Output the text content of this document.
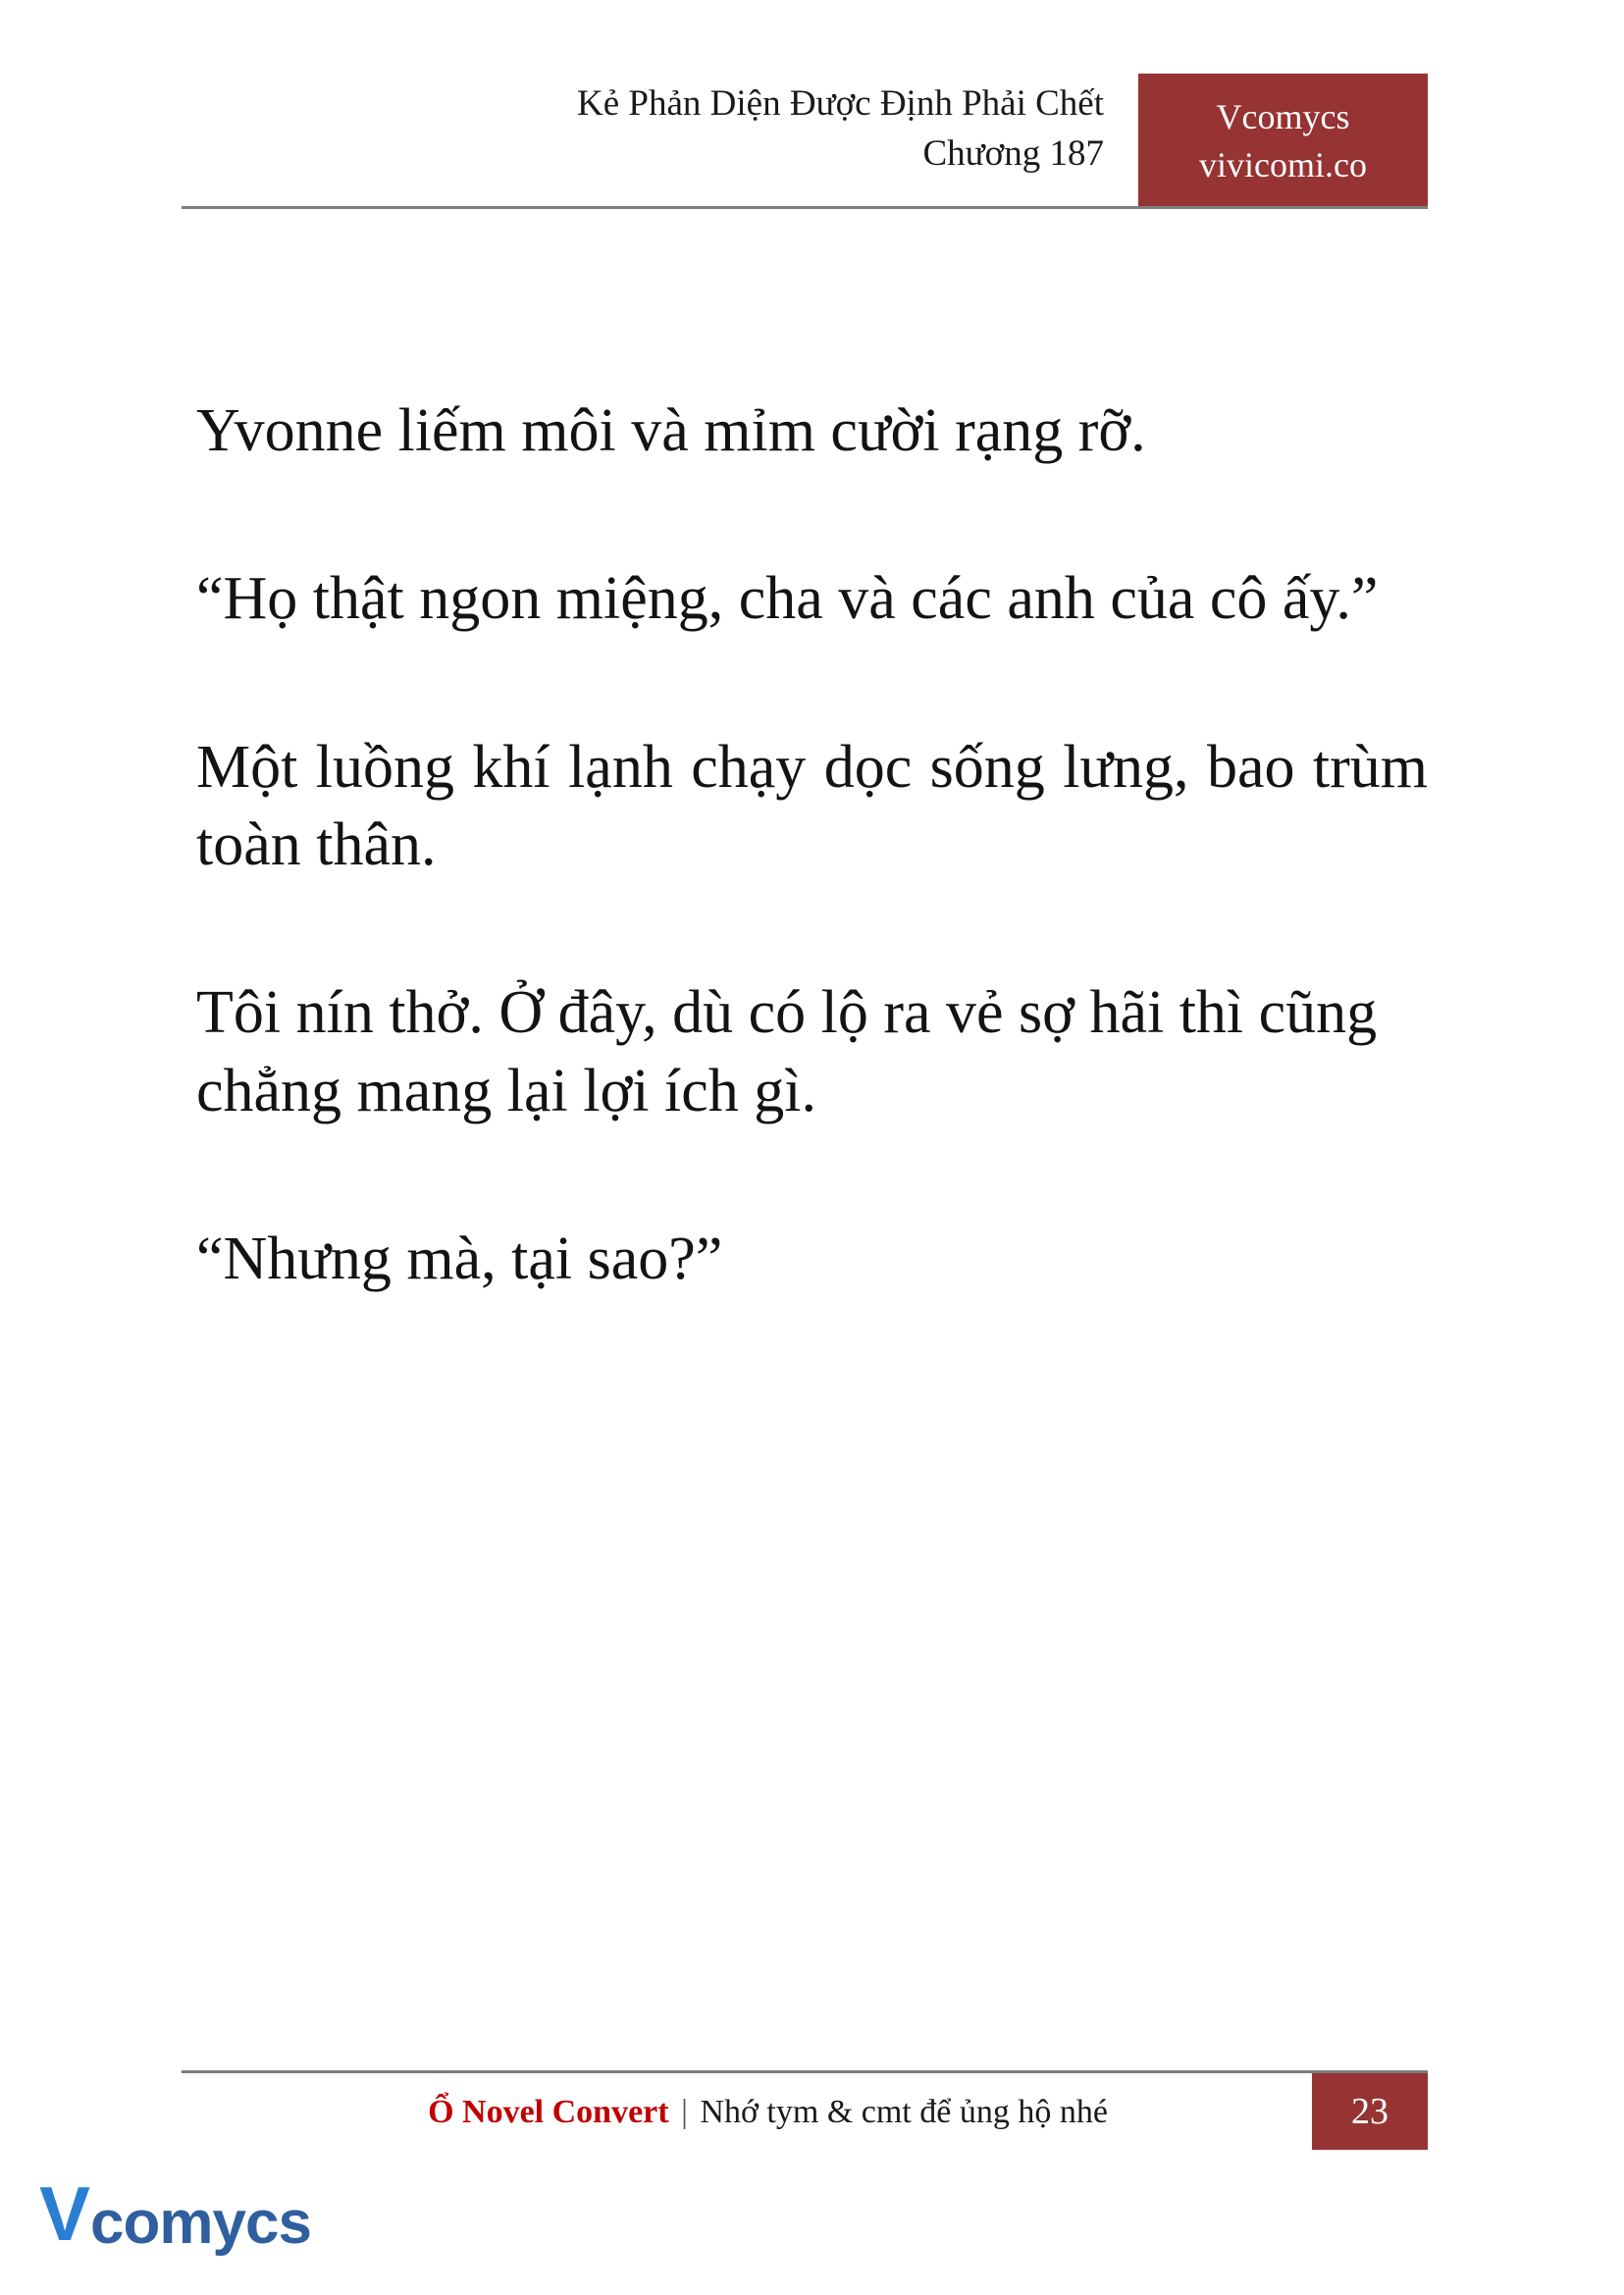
Kẻ Phản Diện Được Định Phải Chết
Chương 187
Vcomycs
vivicomi.co

Yvonne liếm môi và mỉm cười rạng rỡ.

“Họ thật ngon miệng, cha và các anh của cô ấy.”

Một luồng khí lạnh chạy dọc sống lưng, bao trùm toàn thân.

Tôi nín thở. Ở đây, dù có lộ ra vẻ sợ hãi thì cũng chẳng mang lại lợi ích gì.

“Nhưng mà, tại sao?”

Ổ Novel Convert | Nhớ tym & cmt để ủng hộ nhé	23
V comycs
